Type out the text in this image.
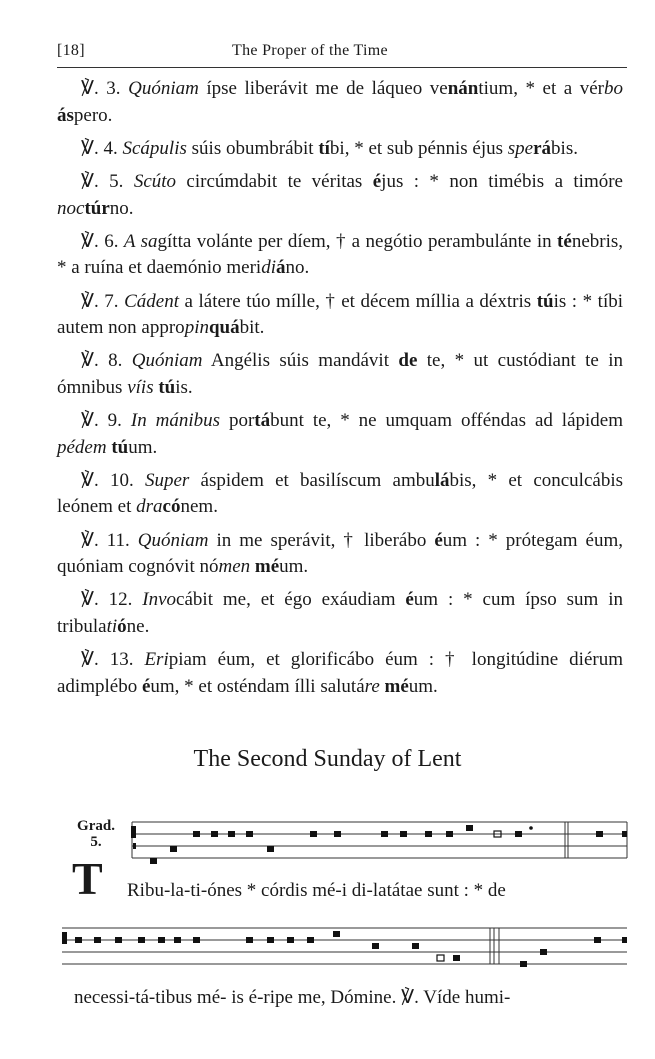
[18]	The Proper of the Time

℣. 3. Quóniam ípse liberávit me de láqueo venántium, * et a vérbo áspero.

℣. 4. Scápulis súis obumbrábit tíbi, * et sub pénnis éjus sperábis.

℣. 5. Scúto circúmdabit te véritas éjus : * non timébis a timóre noctúrno.

℣. 6. A sagítta volánte per díem, † a negótio perambulánte in ténebris, * a ruína et daemónio meridiáno.

℣. 7. Cádent a látere túo mílle, † et décem míllia a déxtris túis : * tíbi autem non appropinquábit.

℣. 8. Quóniam Angélis súis mandávit de te, * ut custódiant te in ómnibus víis túis.

℣. 9. In mánibus portábunt te, * ne umquam offéndas ad lápidem pédem túum.

℣. 10. Super áspidem et basilíscum ambulábis, * et conculcábis leónem et dracónem.

℣. 11. Quóniam in me sperávit, † liberábo éum : * prótegam éum, quóniam cognóvit nómen méum.

℣. 12. Invocábit me, et égo exáudiam éum : * cum ípso sum in tribulatióne.

℣. 13. Eripiam éum, et glorificábo éum : † longitúdine diérum adimplébo éum, * et osténdam ílli salutáre méum.

The Second Sunday of Lent
Grad.
5.
T Ribu-la-ti-ónes * córdis mé-i di-latátae sunt : * de
necessi-tá-tibus mé- is é-ripe me, Dómine. ℣. Víde humi-
